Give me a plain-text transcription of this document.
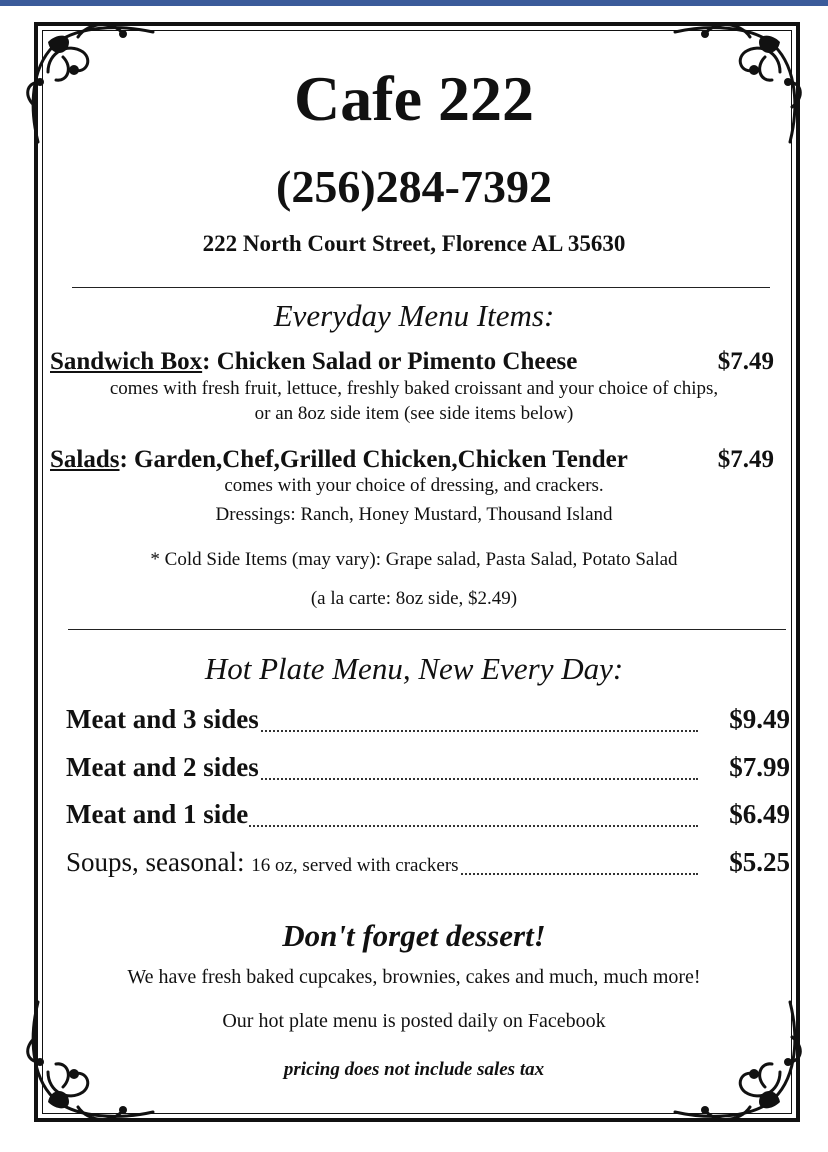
Cafe 222
(256)284-7392
222 North Court Street, Florence AL 35630
Everyday Menu Items:
Sandwich Box: Chicken Salad or Pimento Cheese	$7.49
comes with fresh fruit, lettuce, freshly baked croissant and your choice of chips,
or an 8oz side item (see side items below)
Salads: Garden,Chef,Grilled Chicken,Chicken Tender	$7.49
comes with your choice of dressing, and crackers.
Dressings: Ranch, Honey Mustard, Thousand Island
* Cold Side Items (may vary): Grape salad, Pasta Salad, Potato Salad
(a la carte: 8oz side, $2.49)
Hot Plate Menu, New Every Day:
Meat and 3 sides	$9.49
Meat and 2 sides	$7.99
Meat and 1 side	$6.49
Soups, seasonal: 16 oz, served with crackers	$5.25
Don't forget dessert!
We have fresh baked cupcakes, brownies, cakes and much, much more!
Our hot plate menu is posted daily on Facebook
pricing does not include sales tax
